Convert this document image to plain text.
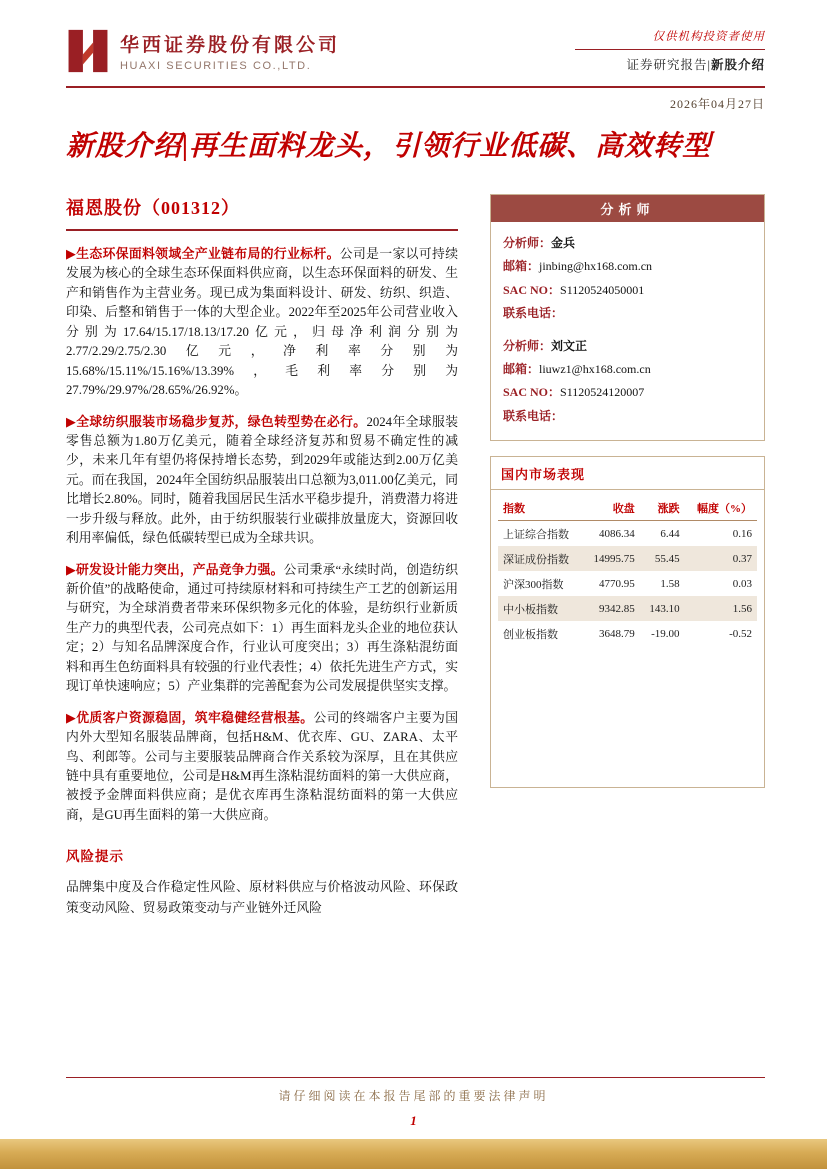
华西证券股份有限公司
HUAXI SECURITIES CO.,LTD.
仅供机构投资者使用
证券研究报告|新股介绍
2026年04月27日
新股介绍|再生面料龙头，引领行业低碳、高效转型
福恩股份（001312）

▶生态环保面料领域全产业链布局的行业标杆。公司是一家以可持续发展为核心的全球生态环保面料供应商，以生态环保面料的研发、生产和销售作为主营业务。现已成为集面料设计、研发、纺织、织造、印染、后整和销售于一体的大型企业。2022年至2025年公司营业收入分别为17.64/15.17/18.13/17.20亿元，归母净利润分别为2.77/2.29/2.75/2.30亿元，净利率分别为15.68%/15.11%/15.16%/13.39%，毛利率分别为27.79%/29.97%/28.65%/26.92%。

▶全球纺织服装市场稳步复苏，绿色转型势在必行。2024年全球服装零售总额为1.80万亿美元，随着全球经济复苏和贸易不确定性的减少，未来几年有望仍将保持增长态势，到2029年或能达到2.00万亿美元。而在我国，2024年全国纺织品服装出口总额为3,011.00亿美元，同比增长2.80%。同时，随着我国居民生活水平稳步提升，消费潜力将进一步升级与释放。此外，由于纺织服装行业碳排放量庞大，资源回收利用率偏低，绿色低碳转型已成为全球共识。

▶研发设计能力突出，产品竞争力强。公司秉承“永续时尚，创造纺织新价值”的战略使命，通过可持续原材料和可持续生产工艺的创新运用与研究，为全球消费者带来环保织物多元化的体验，是纺织行业新质生产力的典型代表，公司亮点如下：1）再生面料龙头企业的地位获认定；2）与知名品牌深度合作，行业认可度突出；3）再生涤粘混纺面料和再生色纺面料具有较强的行业代表性；4）依托先进生产方式，实现订单快速响应；5）产业集群的完善配套为公司发展提供坚实支撑。

▶优质客户资源稳固，筑牢稳健经营根基。公司的终端客户主要为国内外大型知名服装品牌商，包括H&M、优衣库、GU、ZARA、太平鸟、利郎等。公司与主要服装品牌商合作关系较为深厚，且在其供应链中具有重要地位，公司是H&M再生涤粘混纺面料的第一大供应商，被授予金牌面料供应商；是优衣库再生涤粘混纺面料的第一大供应商，是GU再生面料的第一大供应商。

风险提示

品牌集中度及合作稳定性风险、原材料供应与价格波动风险、环保政策变动风险、贸易政策变动与产业链外迁风险

分析师
分析师：金兵
邮箱：jinbing@hx168.com.cn
SAC NO：S1120524050001
联系电话：
分析师：刘文正
邮箱：liuwz1@hx168.com.cn
SAC NO：S1120524120007
联系电话：
国内市场表现
指数	收盘	涨跌	幅度（%）
上证综合指数	4086.34	6.44	0.16
深证成份指数	14995.75	55.45	0.37
沪深300指数	4770.95	1.58	0.03
中小板指数	9342.85	143.10	1.56
创业板指数	3648.79	-19.00	-0.52
请仔细阅读在本报告尾部的重要法律声明
1
